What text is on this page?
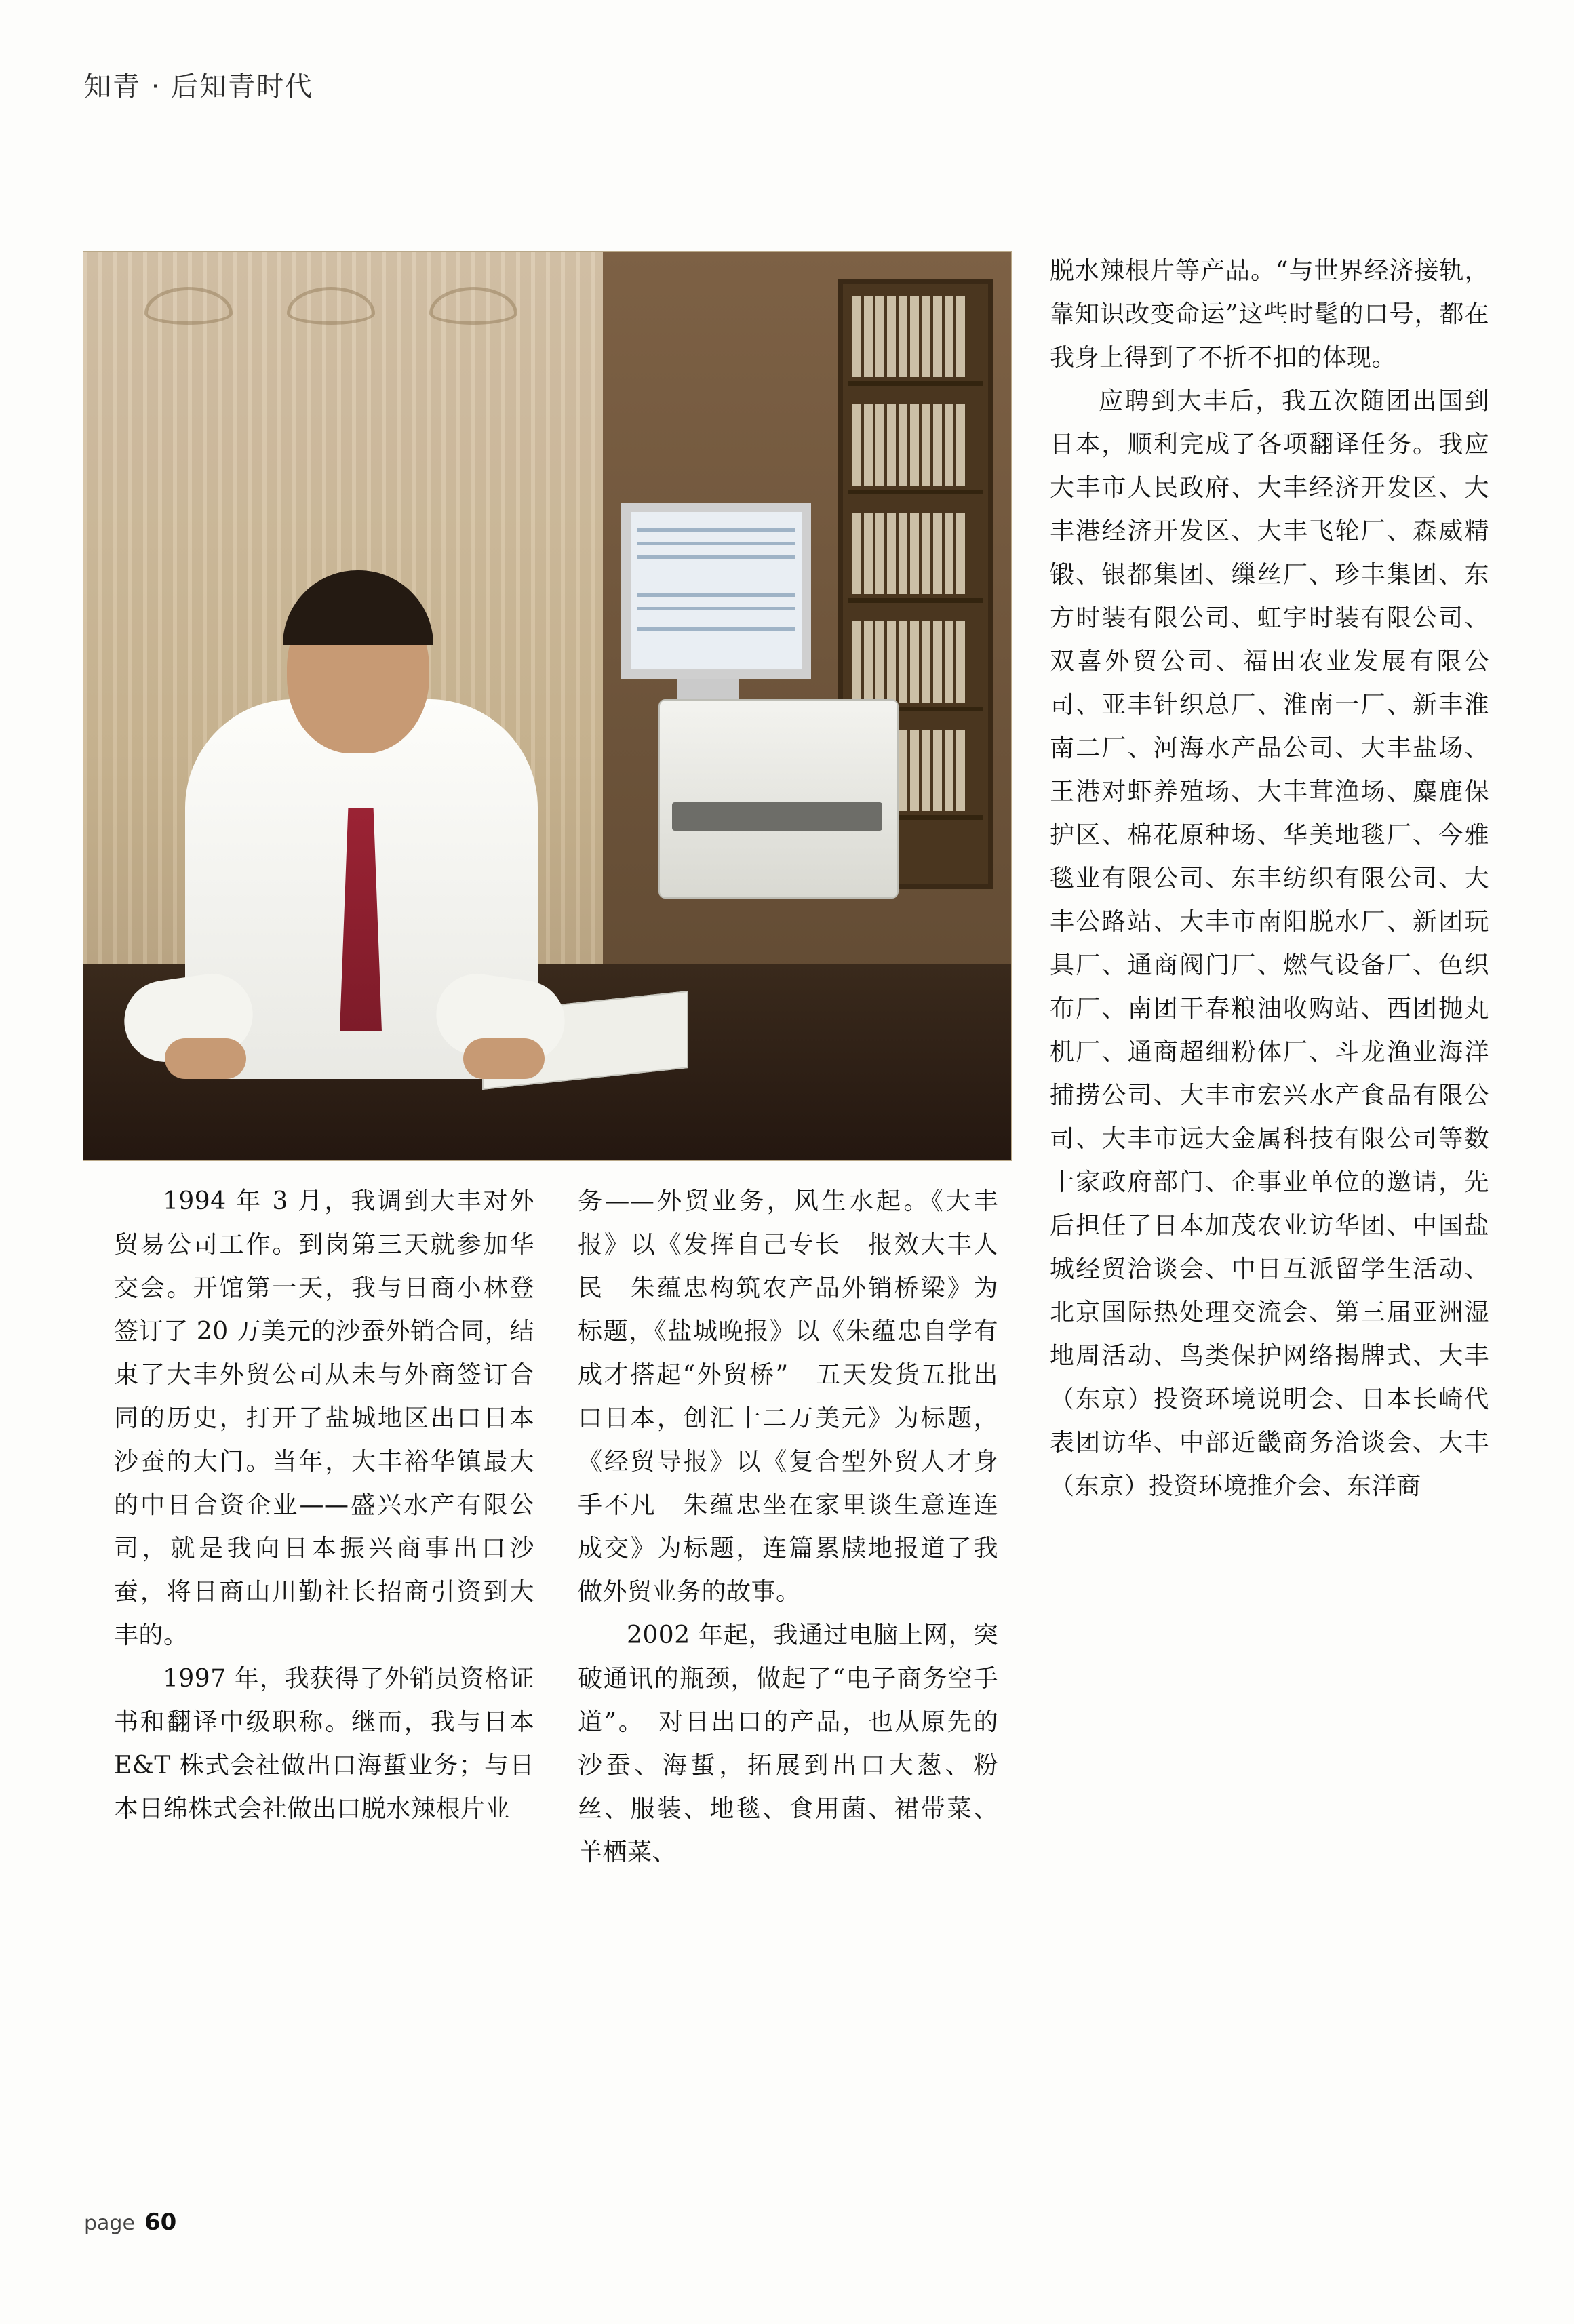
知青 · 后知青时代

1994 年 3 月，我调到大丰对外贸易公司工作。到岗第三天就参加华交会。开馆第一天，我与日商小林登签订了 20 万美元的沙蚕外销合同，结束了大丰外贸公司从未与外商签订合同的历史，打开了盐城地区出口日本沙蚕的大门。当年，大丰裕华镇最大的中日合资企业——盛兴水产有限公司，就是我向日本振兴商事出口沙蚕，将日商山川勤社长招商引资到大丰的。

1997 年，我获得了外销员资格证书和翻译中级职称。继而，我与日本 E&T 株式会社做出口海蜇业务；与日本日绵株式会社做出口脱水辣根片业

务——外贸业务，风生水起。《大丰报》以《发挥自己专长　报效大丰人民　朱蕴忠构筑农产品外销桥梁》为标题，《盐城晚报》以《朱蕴忠自学有成才搭起“外贸桥”　五天发货五批出口日本，创汇十二万美元》为标题，《经贸导报》以《复合型外贸人才身手不凡　朱蕴忠坐在家里谈生意连连成交》为标题，连篇累牍地报道了我做外贸业务的故事。

2002 年起，我通过电脑上网，突破通讯的瓶颈，做起了“电子商务空手道”。　对日出口的产品，也从原先的沙蚕、海蜇，拓展到出口大葱、粉丝、服装、地毯、食用菌、裙带菜、羊栖菜、

脱水辣根片等产品。“与世界经济接轨，靠知识改变命运”这些时髦的口号，都在我身上得到了不折不扣的体现。

应聘到大丰后，我五次随团出国到日本，顺利完成了各项翻译任务。我应大丰市人民政府、大丰经济开发区、大丰港经济开发区、大丰飞轮厂、森威精锻、银都集团、缫丝厂、珍丰集团、东方时装有限公司、虹宇时装有限公司、双喜外贸公司、福田农业发展有限公司、亚丰针织总厂、淮南一厂、新丰淮南二厂、河海水产品公司、大丰盐场、王港对虾养殖场、大丰茸渔场、麋鹿保护区、棉花原种场、华美地毯厂、今雅毯业有限公司、东丰纺织有限公司、大丰公路站、大丰市南阳脱水厂、新团玩具厂、通商阀门厂、燃气设备厂、色织布厂、南团干春粮油收购站、西团抛丸机厂、通商超细粉体厂、斗龙渔业海洋捕捞公司、大丰市宏兴水产食品有限公司、大丰市远大金属科技有限公司等数十家政府部门、企事业单位的邀请，先后担任了日本加茂农业访华团、中国盐城经贸洽谈会、中日互派留学生活动、北京国际热处理交流会、第三届亚洲湿地周活动、鸟类保护网络揭牌式、大丰（东京）投资环境说明会、日本长崎代表团访华、中部近畿商务洽谈会、大丰（东京）投资环境推介会、东洋商

page 60
